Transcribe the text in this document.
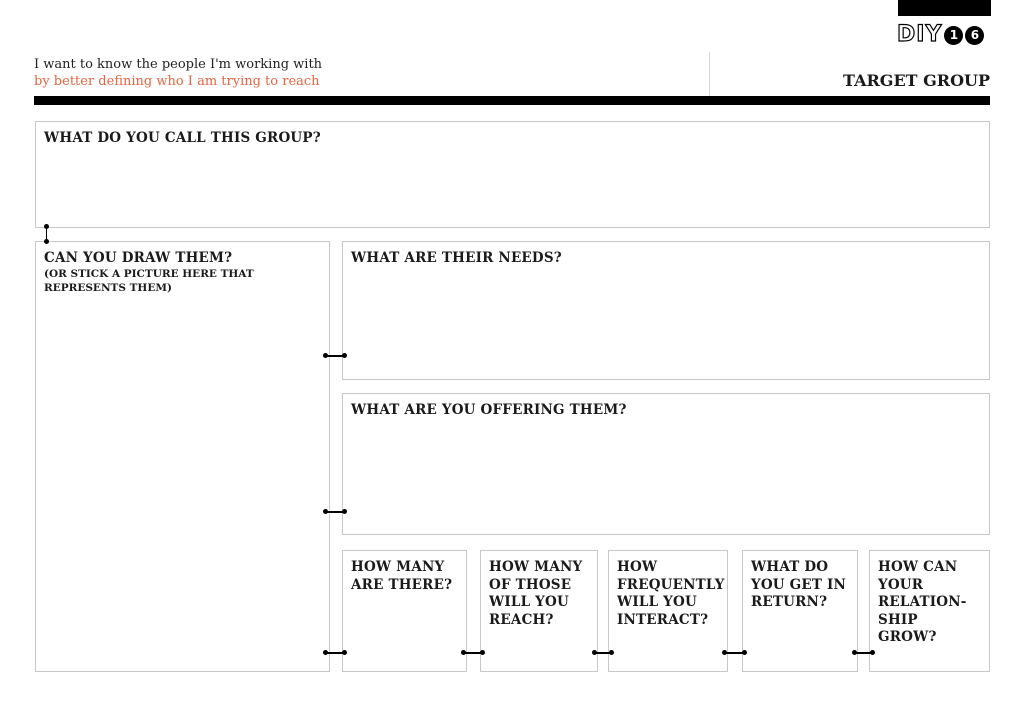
DIY 1	6
I want to know the people I'm working with
by better defining who I am trying to reach	TARGET GROUP
WHAT DO YOU CALL THIS GROUP?
CAN YOU DRAW THEM?
(OR STICK A PICTURE HERE THAT
REPRESENTS THEM)
WHAT ARE THEIR NEEDS?
WHAT ARE YOU OFFERING THEM?
HOW MANY
ARE THERE?
HOW MANY
OF THOSE
WILL YOU
REACH?
HOW
FREQUENTLY
WILL YOU
INTERACT?
WHAT DO
YOU GET IN
RETURN?
HOW CAN
YOUR
RELATION-
SHIP
GROW?
